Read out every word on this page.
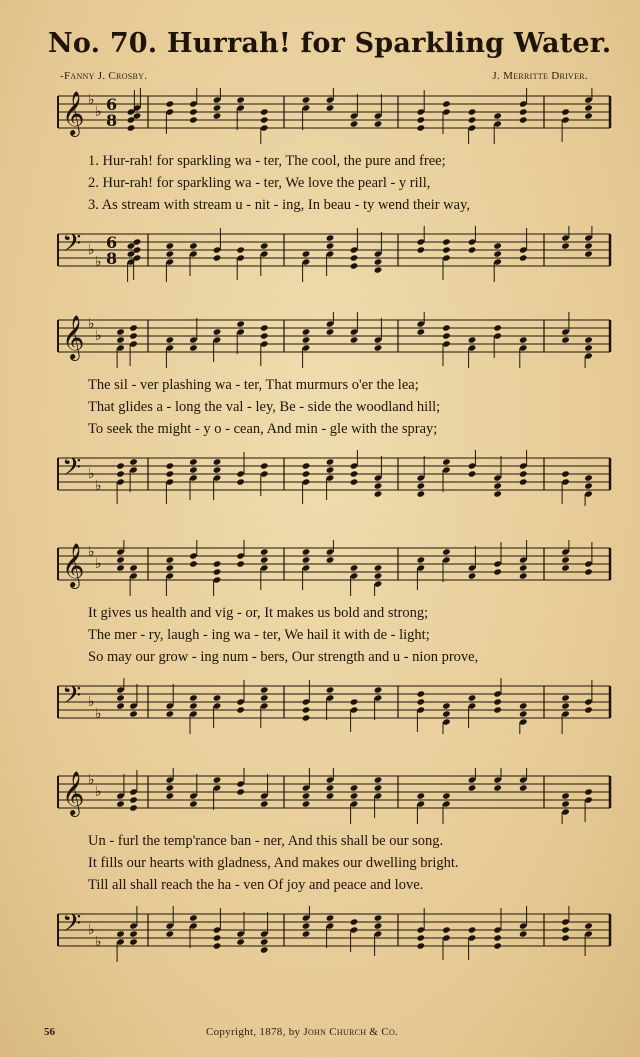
No. 70. Hurrah! for Sparkling Water.
-Fanny J. Crosby.	J. Merritte Driver.
𝄞 ♭
♭ 6
8
1. Hur-rah! for sparkling wa - ter, The cool, the pure and free;
2. Hur-rah! for sparkling wa - ter, We love the pearl - y rill,
3. As stream with stream u - nit - ing, In beau - ty wend their way,
𝄢 ♭
♭
6
8
𝄞 ♭
♭
The sil - ver plashing wa - ter, That murmurs o'er the lea;
That glides a - long the val - ley, Be - side the woodland hill;
To seek the might - y o - cean, And min - gle with the spray;
𝄢 ♭
♭
𝄞 ♭
♭
It gives us health and vig - or, It makes us bold and strong;
The mer - ry, laugh - ing wa - ter, We hail it with de - light;
So may our grow - ing num - bers, Our strength and u - nion prove,
𝄢 ♭
♭
𝄞 ♭
♭
Un - furl the temp'rance ban - ner, And this shall be our song.
It fills our hearts with gladness, And makes our dwelling bright.
Till all shall reach the ha - ven Of joy and peace and love.
𝄢 ♭
♭
56	Copyright, 1878, by John Church & Co.
